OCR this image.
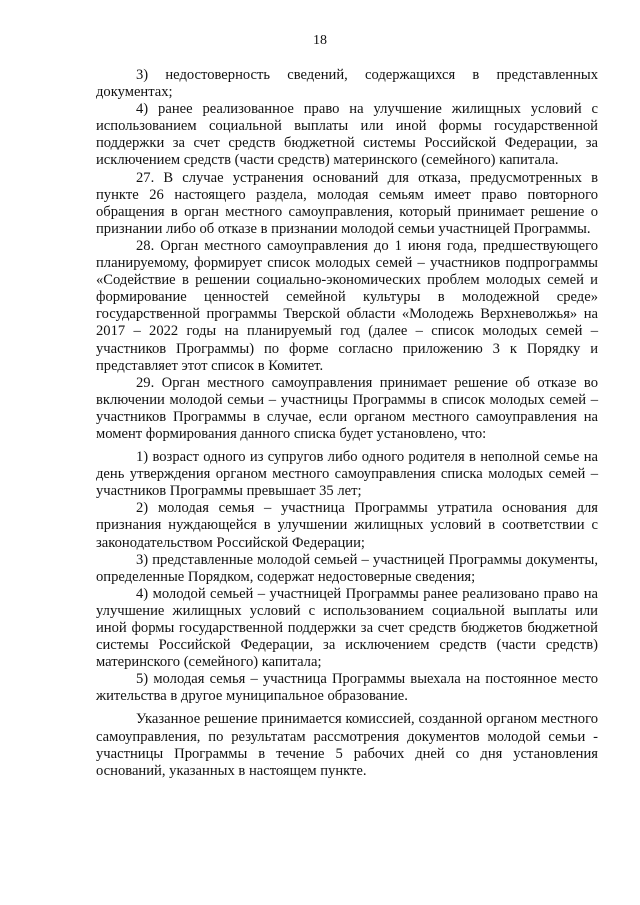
18

3) недостоверность сведений, содержащихся в представленных документах;

4) ранее реализованное право на улучшение жилищных условий с использованием социальной выплаты или иной формы государственной поддержки за счет средств бюджетной системы Российской Федерации, за исключением средств (части средств) материнского (семейного) капитала.

27. В случае устранения оснований для отказа, предусмотренных в пункте 26 настоящего раздела, молодая семьям имеет право повторного обращения в орган местного самоуправления, который принимает решение о признании либо об отказе в признании молодой семьи участницей Программы.

28. Орган местного самоуправления до 1 июня года, предшествующего планируемому, формирует список молодых семей – участников подпрограммы «Содействие в решении социально-экономических проблем молодых семей и формирование ценностей семейной культуры в молодежной среде» государственной программы Тверской области «Молодежь Верхневолжья» на 2017 – 2022 годы на планируемый год (далее – список молодых семей – участников Программы) по форме согласно приложению 3 к Порядку и представляет этот список в Комитет.

29. Орган местного самоуправления принимает решение об отказе во включении молодой семьи – участницы Программы в список молодых семей – участников Программы в случае, если органом местного самоуправления на момент формирования данного списка будет установлено, что:

1) возраст одного из супругов либо одного родителя в неполной семье на день утверждения органом местного самоуправления списка молодых семей – участников Программы превышает 35 лет;

2) молодая семья – участница Программы утратила основания для признания нуждающейся в улучшении жилищных условий в соответствии с законодательством Российской Федерации;

3) представленные молодой семьей – участницей Программы документы, определенные Порядком, содержат недостоверные сведения;

4) молодой семьей – участницей Программы ранее реализовано право на улучшение жилищных условий с использованием социальной выплаты или иной формы государственной поддержки за счет средств бюджетов бюджетной системы Российской Федерации, за исключением средств (части средств) материнского (семейного) капитала;

5) молодая семья – участница Программы выехала на постоянное место жительства в другое муниципальное образование.

Указанное решение принимается комиссией, созданной органом местного самоуправления, по результатам рассмотрения документов молодой семьи - участницы Программы в течение 5 рабочих дней со дня установления оснований, указанных в настоящем пункте.
